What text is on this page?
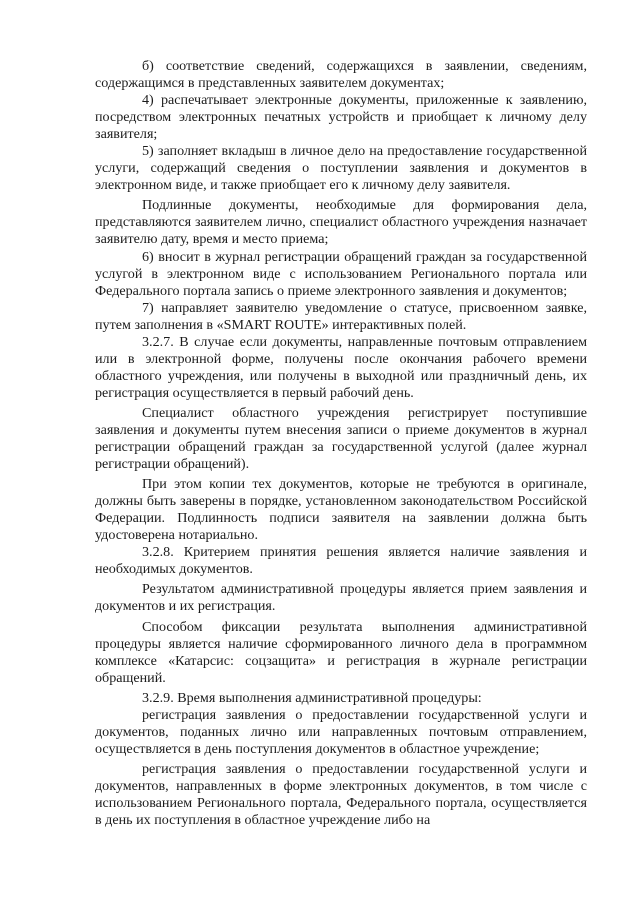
б) соответствие сведений, содержащихся в заявлении, сведениям, содержащимся в представленных заявителем документах;

4) распечатывает электронные документы, приложенные к заявлению, посредством электронных печатных устройств и приобщает к личному делу заявителя;

5) заполняет вкладыш в личное дело на предоставление государственной услуги, содержащий сведения о поступлении заявления и документов в электронном виде, и также приобщает его к личному делу заявителя.

Подлинные документы, необходимые для формирования дела, представляются заявителем лично, специалист областного учреждения назначает заявителю дату, время и место приема;

6) вносит в журнал регистрации обращений граждан за государственной услугой в электронном виде с использованием Регионального портала или Федерального портала запись о приеме электронного заявления и документов;

7) направляет заявителю уведомление о статусе, присвоенном заявке, путем заполнения в «SMART ROUTE» интерактивных полей.

3.2.7. В случае если документы, направленные почтовым отправлением или в электронной форме, получены после окончания рабочего времени областного учреждения, или получены в выходной или праздничный день, их регистрация осуществляется в первый рабочий день.

Специалист областного учреждения регистрирует поступившие заявления и документы путем внесения записи о приеме документов в журнал регистрации обращений граждан за государственной услугой (далее журнал регистрации обращений).

При этом копии тех документов, которые не требуются в оригинале, должны быть заверены в порядке, установленном законодательством Российской Федерации. Подлинность подписи заявителя на заявлении должна быть удостоверена нотариально.

3.2.8. Критерием принятия решения является наличие заявления и необходимых документов.

Результатом административной процедуры является прием заявления и документов и их регистрация.

Способом фиксации результата выполнения административной процедуры является наличие сформированного личного дела в программном комплексе «Катарсис: соцзащита» и регистрация в журнале регистрации обращений.

3.2.9. Время выполнения административной процедуры:

регистрация заявления о предоставлении государственной услуги и документов, поданных лично или направленных почтовым отправлением, осуществляется в день поступления документов в областное учреждение;

регистрация заявления о предоставлении государственной услуги и документов, направленных в форме электронных документов, в том числе с использованием Регионального портала, Федерального портала, осуществляется в день их поступления в областное учреждение либо на
